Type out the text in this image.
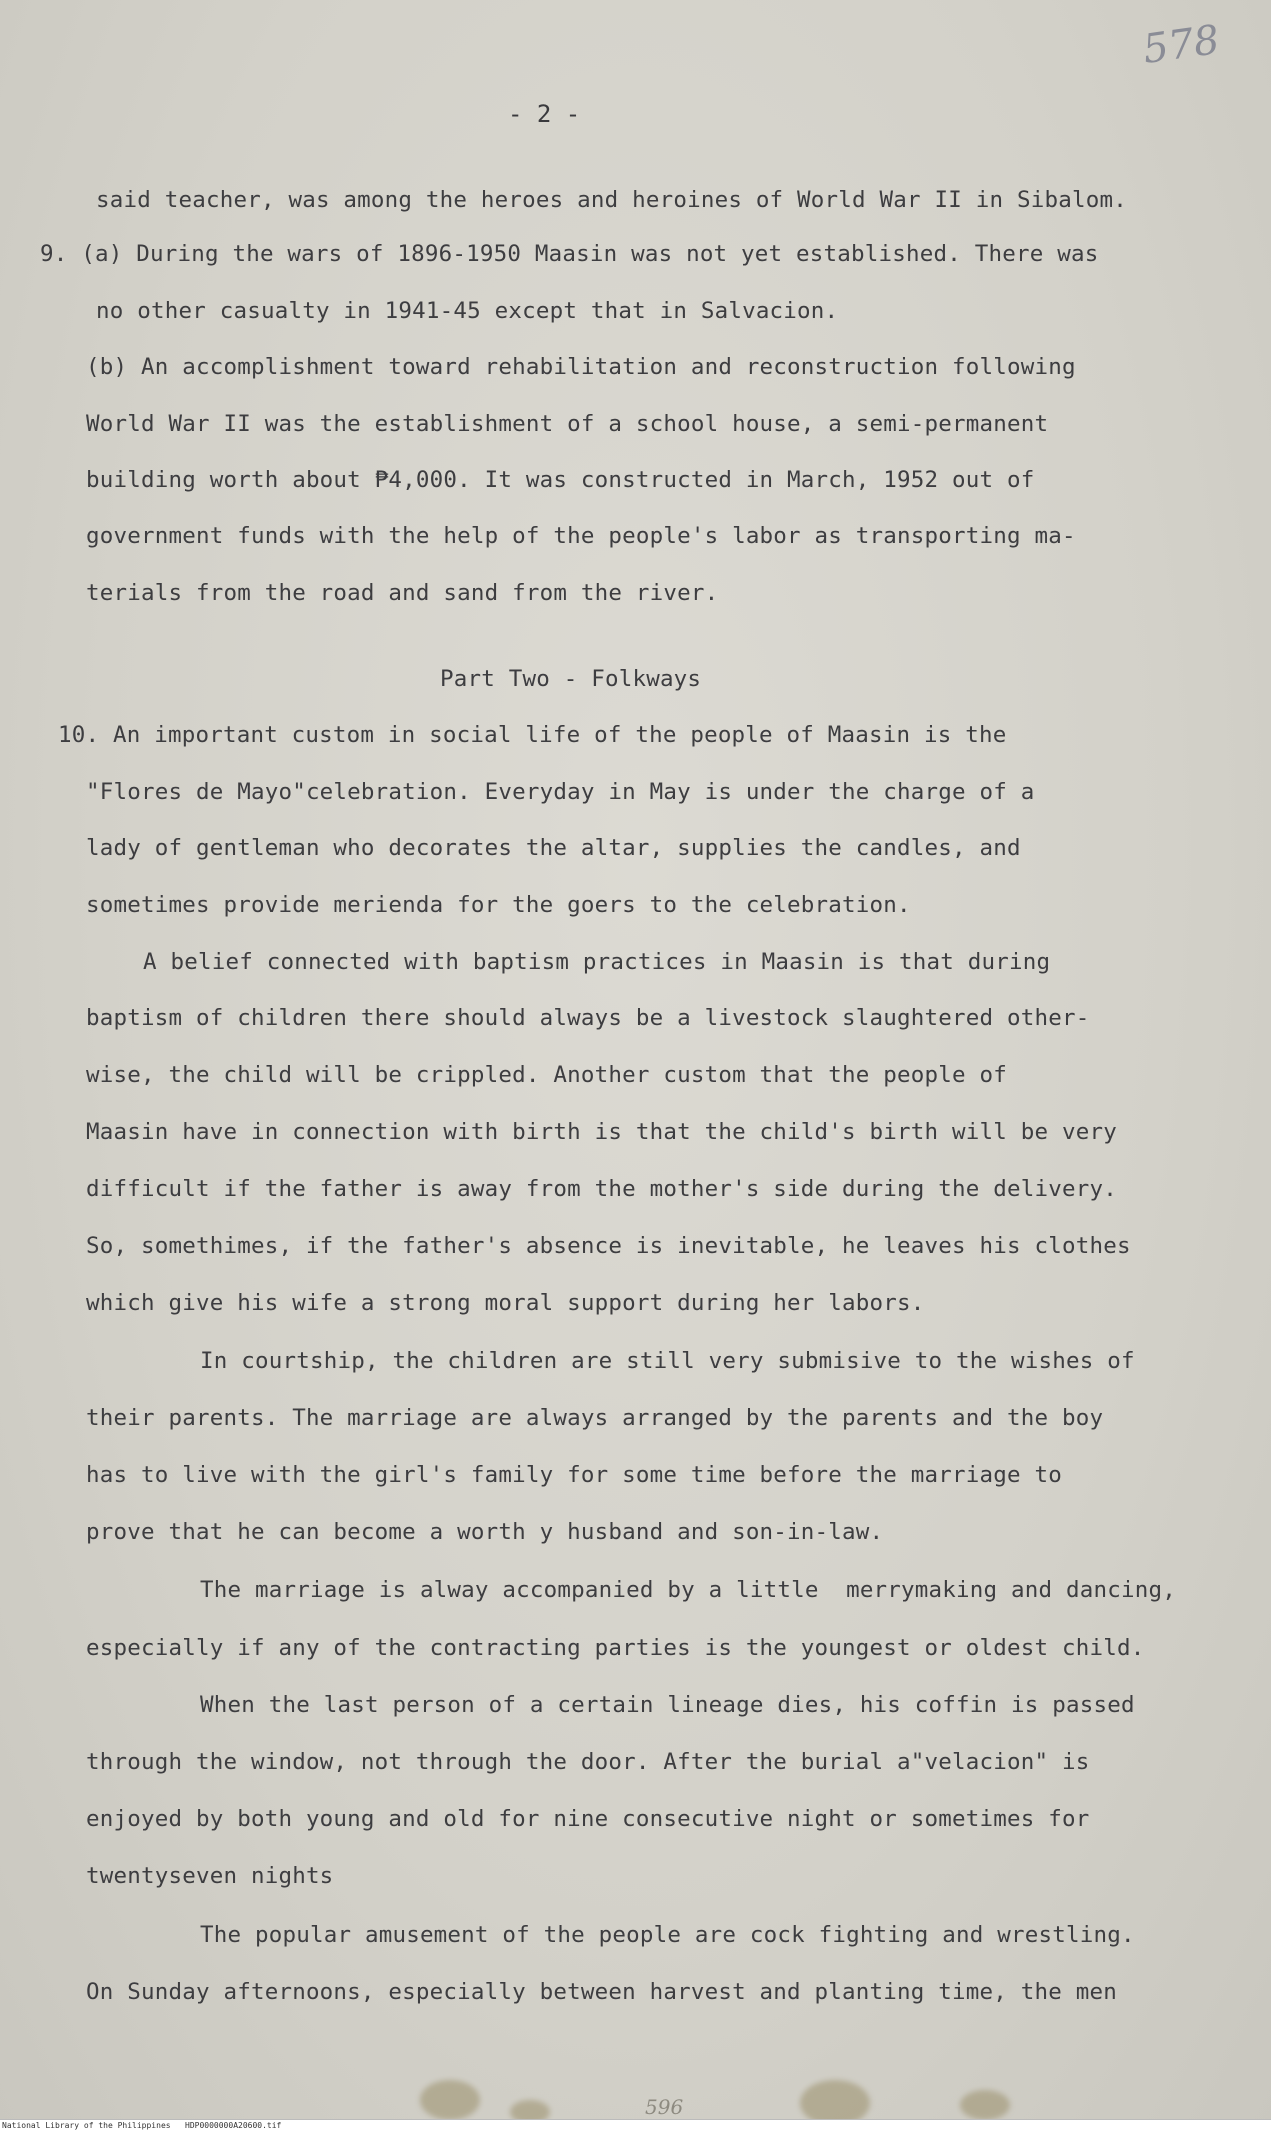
578
- 2 -
said teacher, was among the heroes and heroines of World War II in Sibalom.
9. (a) During the wars of 1896-1950 Maasin was not yet established. There was
no other casualty in 1941-45 except that in Salvacion.
(b) An accomplishment toward rehabilitation and reconstruction following
World War II was the establishment of a school house, a semi-permanent
building worth about ₱4,000. It was constructed in March, 1952 out of
government funds with the help of the people's labor as transporting ma-
terials from the road and sand from the river.
Part Two - Folkways
10. An important custom in social life of the people of Maasin is the
"Flores de Mayo"celebration. Everyday in May is under the charge of a
lady of gentleman who decorates the altar, supplies the candles, and
sometimes provide merienda for the goers to the celebration.
A belief connected with baptism practices in Maasin is that during
baptism of children there should always be a livestock slaughtered other-
wise, the child will be crippled. Another custom that the people of
Maasin have in connection with birth is that the child's birth will be very
difficult if the father is away from the mother's side during the delivery.
So, somethimes, if the father's absence is inevitable, he leaves his clothes
which give his wife a strong moral support during her labors.
In courtship, the children are still very submisive to the wishes of
their parents. The marriage are always arranged by the parents and the boy
has to live with the girl's family for some time before the marriage to
prove that he can become a worth y husband and son-in-law.
The marriage is alway accompanied by a little  merrymaking and dancing,
especially if any of the contracting parties is the youngest or oldest child.
When the last person of a certain lineage dies, his coffin is passed
through the window, not through the door. After the burial a"velacion" is
enjoyed by both young and old for nine consecutive night or sometimes for
twentyseven nights
The popular amusement of the people are cock fighting and wrestling.
On Sunday afternoons, especially between harvest and planting time, the men
596
National Library of the Philippines   HDP0000000A20600.tif
